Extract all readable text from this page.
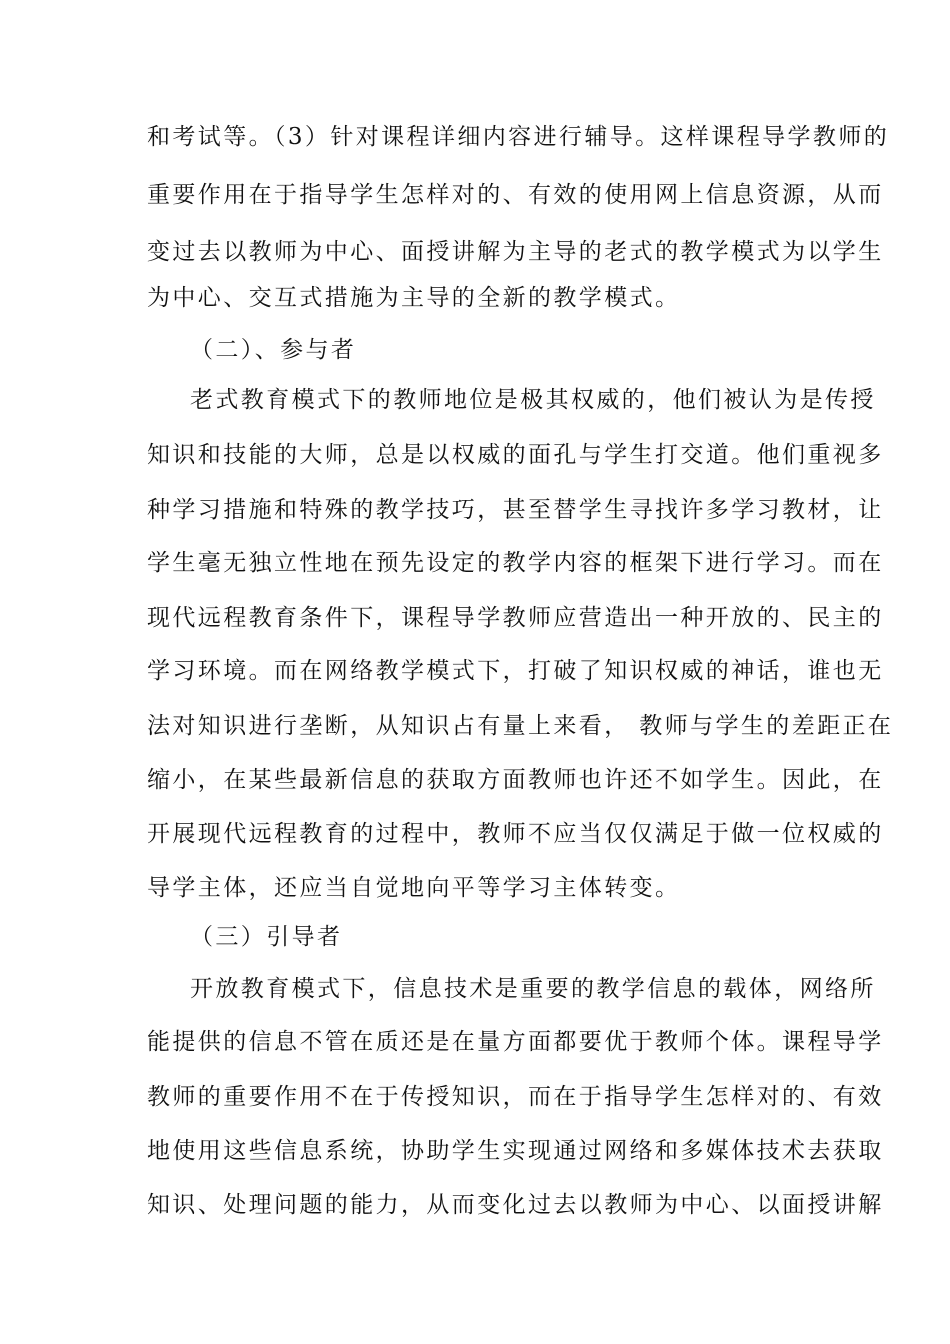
和考试等。（3）针对课程详细内容进行辅导。这样课程导学教师的
重要作用在于指导学生怎样对的、有效的使用网上信息资源，从而
变过去以教师为中心、面授讲解为主导的老式的教学模式为以学生
为中心、交互式措施为主导的全新的教学模式。
（二）、参与者
老式教育模式下的教师地位是极其权威的，他们被认为是传授
知识和技能的大师，总是以权威的面孔与学生打交道。他们重视多
种学习措施和特殊的教学技巧，甚至替学生寻找许多学习教材，让
学生毫无独立性地在预先设定的教学内容的框架下进行学习。而在
现代远程教育条件下，课程导学教师应营造出一种开放的、民主的
学习环境。而在网络教学模式下，打破了知识权威的神话，谁也无
法对知识进行垄断，从知识占有量上来看， 教师与学生的差距正在
缩小，在某些最新信息的获取方面教师也许还不如学生。因此，在
开展现代远程教育的过程中，教师不应当仅仅满足于做一位权威的
导学主体，还应当自觉地向平等学习主体转变。
（三）引导者
开放教育模式下，信息技术是重要的教学信息的载体，网络所
能提供的信息不管在质还是在量方面都要优于教师个体。课程导学
教师的重要作用不在于传授知识，而在于指导学生怎样对的、有效
地使用这些信息系统，协助学生实现通过网络和多媒体技术去获取
知识、处理问题的能力，从而变化过去以教师为中心、以面授讲解
